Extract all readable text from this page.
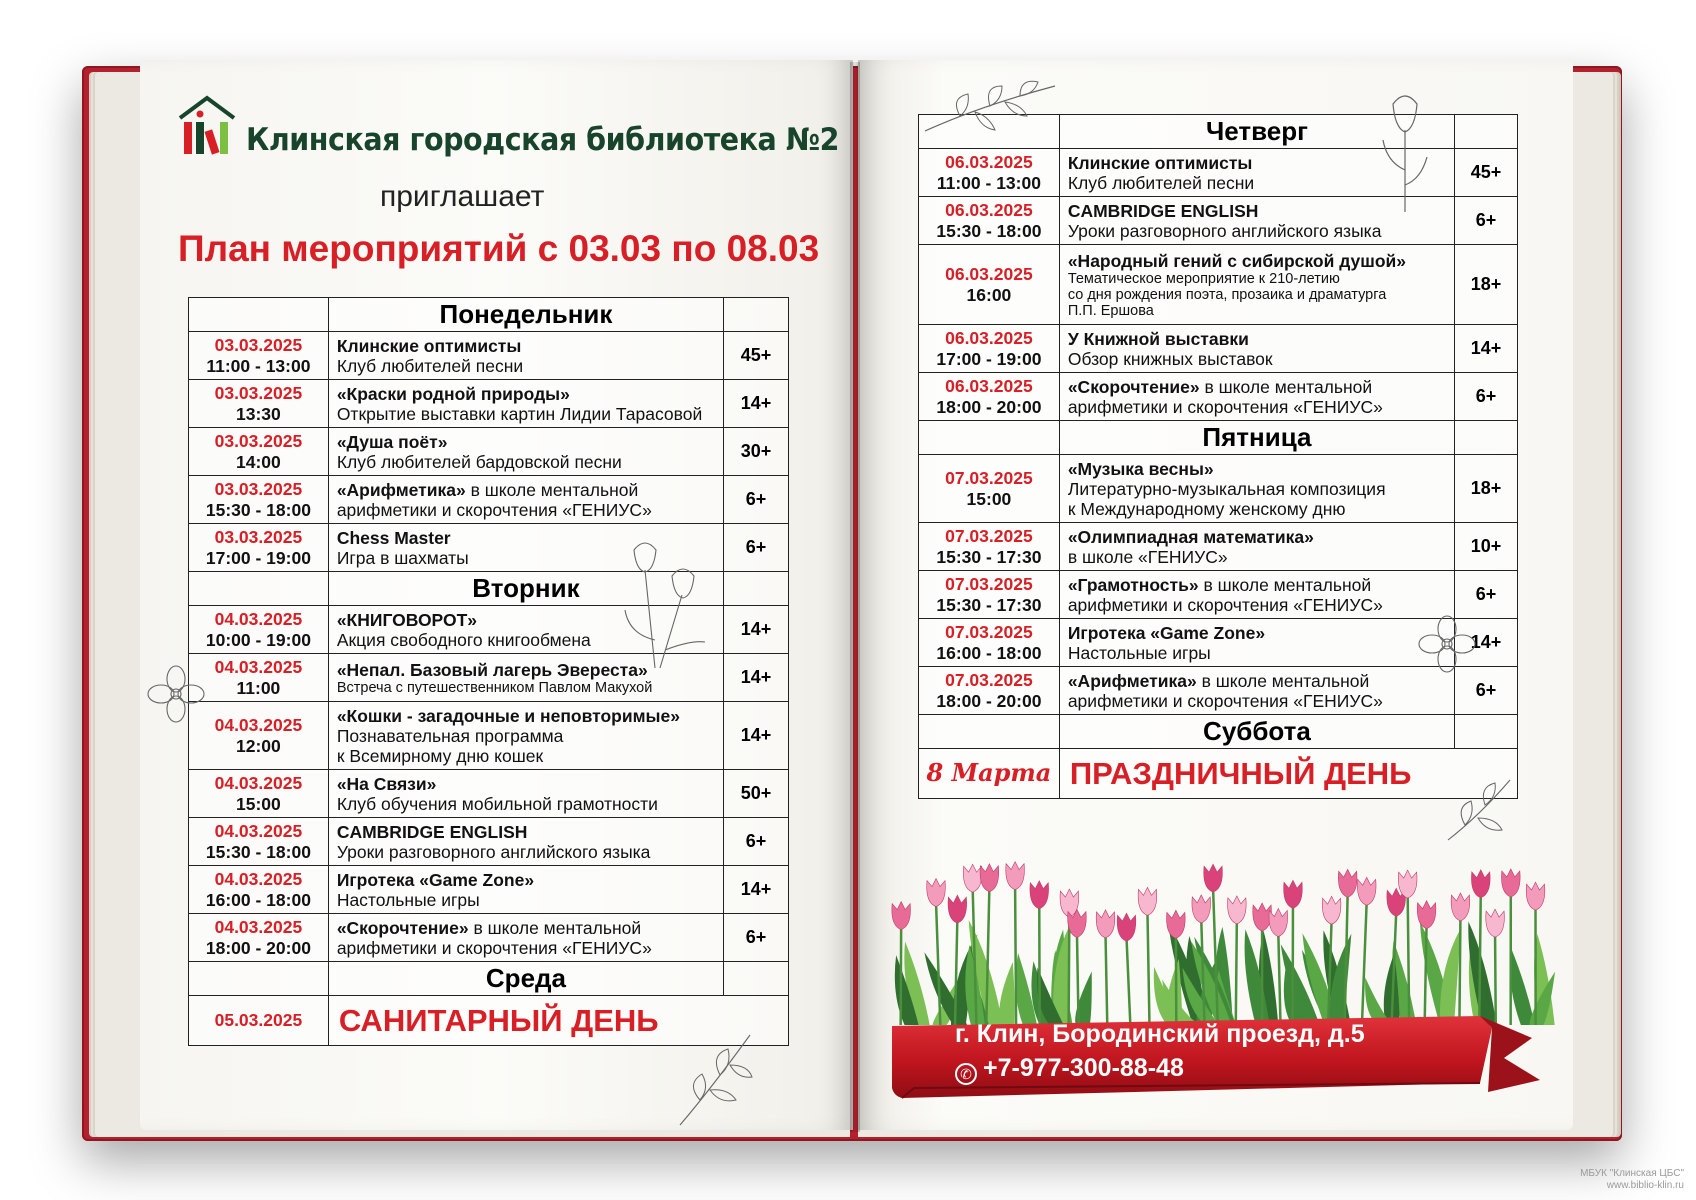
Клинская городская библиотека №2
приглашает
План мероприятий с 03.03 по 08.03
	Понедельник	

03.03.2025
11:00 - 13:00	Клинские оптимисты
Клуб любителей песни	45+

03.03.2025
13:30	«Краски родной природы»
Открытие выставки картин Лидии Тарасовой	14+

03.03.2025
14:00	«Душа поёт»
Клуб любителей бардовской песни	30+

03.03.2025
15:30 - 18:00	«Арифметика» в школе ментальной
арифметики и скорочтения «ГЕНИУС»	6+

03.03.2025
17:00 - 19:00	Chess Master
Игра в шахматы	6+
	Вторник	

04.03.2025
10:00 - 19:00	«КНИГОВОРОТ»
Акция свободного книгообмена	14+

04.03.2025
11:00	«Непал. Базовый лагерь Эвереста»
Встреча с путешественником Павлом Макухой	14+

04.03.2025
12:00	«Кошки - загадочные и неповторимые»
Познавательная программа
к Всемирному дню кошек	14+

04.03.2025
15:00	«На Связи»
Клуб обучения мобильной грамотности	50+

04.03.2025
15:30 - 18:00	CAMBRIDGE ENGLISH
Уроки разговорного английского языка	6+

04.03.2025
16:00 - 18:00	Игротека «Game Zone»
Настольные игры	14+

04.03.2025
18:00 - 20:00	«Скорочтение» в школе ментальной
арифметики и скорочтения «ГЕНИУС»	6+
	Среда	

05.03.2025	САНИТАРНЫЙ ДЕНЬ	
	Четверг	

06.03.2025
11:00 - 13:00	Клинские оптимисты
Клуб любителей песни	45+

06.03.2025
15:30 - 18:00	CAMBRIDGE ENGLISH
Уроки разговорного английского языка	6+

06.03.2025
16:00	«Народный гений с сибирской душой»
Тематическое мероприятие к 210-летию
со дня рождения поэта, прозаика и драматурга
П.П. Ершова	18+

06.03.2025
17:00 - 19:00	У Книжной выставки
Обзор книжных выставок	14+

06.03.2025
18:00 - 20:00	«Скорочтение» в школе ментальной
арифметики и скорочтения «ГЕНИУС»	6+
	Пятница	

07.03.2025
15:00	«Музыка весны»
Литературно-музыкальная композиция
к Международному женскому дню	18+

07.03.2025
15:30 - 17:30	«Олимпиадная математика»
в школе «ГЕНИУС»	10+

07.03.2025
15:30 - 17:30	«Грамотность» в школе ментальной
арифметики и скорочтения «ГЕНИУС»	6+

07.03.2025
16:00 - 18:00	Игротека «Game Zone»
Настольные игры	14+

07.03.2025
18:00 - 20:00	«Арифметика» в школе ментальной
арифметики и скорочтения «ГЕНИУС»	6+
	Суббота	
8 Марта	ПРАЗДНИЧНЫЙ ДЕНЬ	
г. Клин, Бородинский проезд, д.5
✆ +7-977-300-88-48
МБУК "Клинская ЦБС"
www.biblio-klin.ru
